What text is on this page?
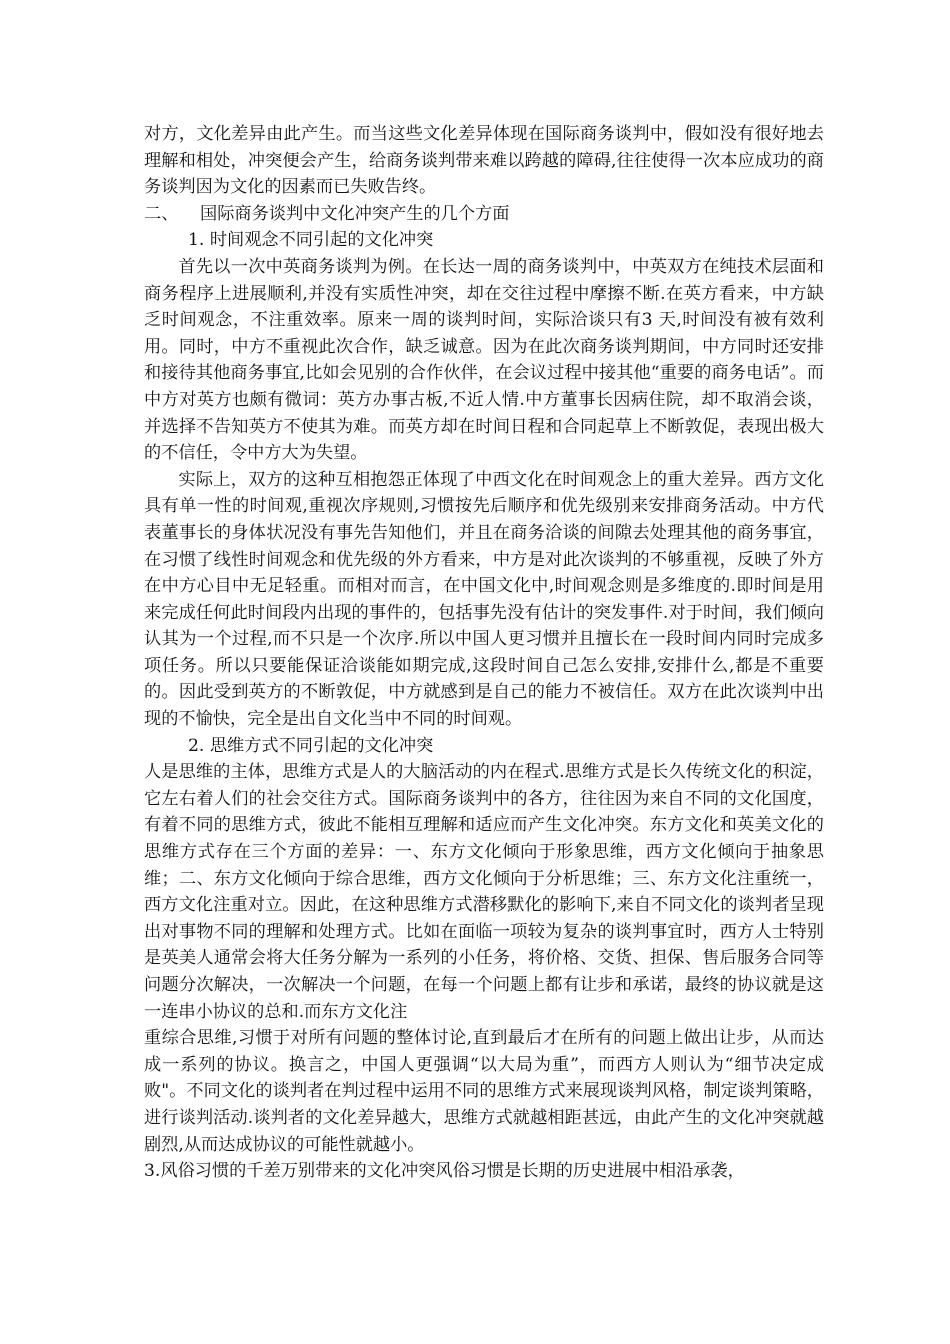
对方，文化差异由此产生。而当这些文化差异体现在国际商务谈判中，假如没有很好地去理解和相处，冲突便会产生，给商务谈判带来难以跨越的障碍,往往使得一次本应成功的商务谈判因为文化的因素而已失败告终。

二、 国际商务谈判中文化冲突产生的几个方面

1. 时间观念不同引起的文化冲突

首先以一次中英商务谈判为例。在长达一周的商务谈判中，中英双方在纯技术层面和商务程序上进展顺利,并没有实质性冲突，却在交往过程中摩擦不断.在英方看来，中方缺乏时间观念，不注重效率。原来一周的谈判时间，实际洽谈只有3 天,时间没有被有效利用。同时，中方不重视此次合作，缺乏诚意。因为在此次商务谈判期间，中方同时还安排和接待其他商务事宜,比如会见别的合作伙伴，在会议过程中接其他“重要的商务电话”。而中方对英方也颇有微词：英方办事古板,不近人情.中方董事长因病住院，却不取消会谈，并选择不告知英方不使其为难。而英方却在时间日程和合同起草上不断敦促，表现出极大的不信任，令中方大为失望。

实际上，双方的这种互相抱怨正体现了中西文化在时间观念上的重大差异。西方文化具有单一性的时间观,重视次序规则,习惯按先后顺序和优先级别来安排商务活动。中方代表董事长的身体状况没有事先告知他们，并且在商务洽谈的间隙去处理其他的商务事宜，在习惯了线性时间观念和优先级的外方看来，中方是对此次谈判的不够重视，反映了外方在中方心目中无足轻重。而相对而言，在中国文化中,时间观念则是多维度的.即时间是用来完成任何此时间段内出现的事件的，包括事先没有估计的突发事件.对于时间，我们倾向认其为一个过程,而不只是一个次序.所以中国人更习惯并且擅长在一段时间内同时完成多项任务。所以只要能保证洽谈能如期完成,这段时间自己怎么安排,安排什么,都是不重要的。因此受到英方的不断敦促，中方就感到是自己的能力不被信任。双方在此次谈判中出现的不愉快，完全是出自文化当中不同的时间观。

2. 思维方式不同引起的文化冲突

人是思维的主体，思维方式是人的大脑活动的内在程式.思维方式是长久传统文化的积淀，它左右着人们的社会交往方式。国际商务谈判中的各方，往往因为来自不同的文化国度，有着不同的思维方式，彼此不能相互理解和适应而产生文化冲突。东方文化和英美文化的思维方式存在三个方面的差异：一、东方文化倾向于形象思维，西方文化倾向于抽象思维；二、东方文化倾向于综合思维，西方文化倾向于分析思维；三、东方文化注重统一，西方文化注重对立。因此，在这种思维方式潜移默化的影响下,来自不同文化的谈判者呈现出对事物不同的理解和处理方式。比如在面临一项较为复杂的谈判事宜时，西方人士特别是英美人通常会将大任务分解为一系列的小任务，将价格、交货、担保、售后服务合同等问题分次解决，一次解决一个问题，在每一个问题上都有让步和承诺，最终的协议就是这一连串小协议的总和.而东方文化注

重综合思维,习惯于对所有问题的整体讨论,直到最后才在所有的问题上做出让步，从而达成一系列的协议。换言之，中国人更强调“以大局为重”，而西方人则认为“细节决定成败"。不同文化的谈判者在判过程中运用不同的思维方式来展现谈判风格，制定谈判策略，进行谈判活动.谈判者的文化差异越大，思维方式就越相距甚远，由此产生的文化冲突就越剧烈,从而达成协议的可能性就越小。

3.风俗习惯的千差万别带来的文化冲突风俗习惯是长期的历史进展中相沿承袭，
